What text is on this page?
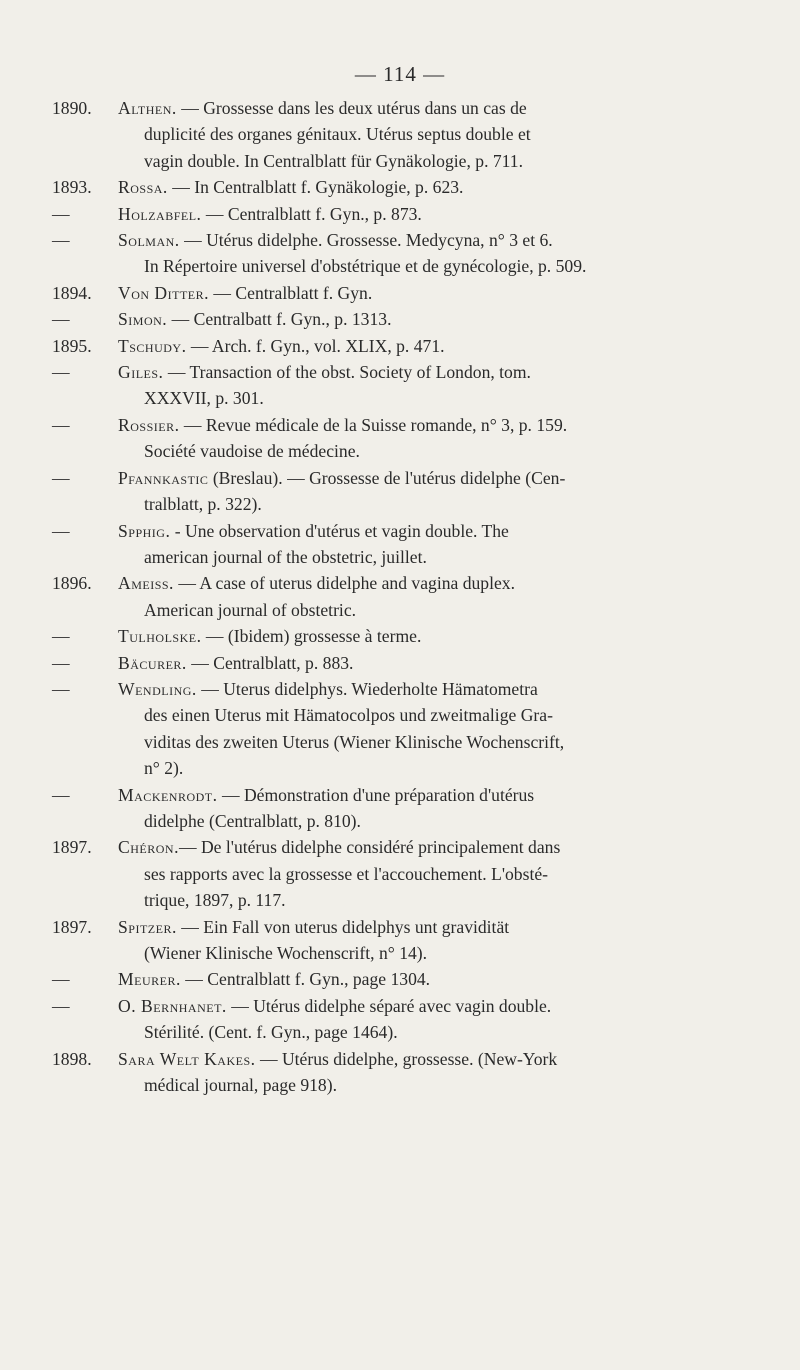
— 114 —
1890.	Althen. — Grossesse dans les deux utérus dans un cas de
duplicité des organes génitaux. Utérus septus double et
vagin double. In Centralblatt für Gynäkologie, p. 711.
1893.	Rossa. — In Centralblatt f. Gynäkologie, p. 623.
—	Holzabfel. — Centralblatt f. Gyn., p. 873.
—	Solman. — Utérus didelphe. Grossesse. Medycyna, n° 3 et 6.
In Répertoire universel d'obstétrique et de gynécologie, p. 509.
1894.	Von Ditter. — Centralblatt f. Gyn.
—	Simon. — Centralbatt f. Gyn., p. 1313.
1895.	Tschudy. — Arch. f. Gyn., vol. XLIX, p. 471.
—	Giles. — Transaction of the obst. Society of London, tom.
XXXVII, p. 301.
—	Rossier. — Revue médicale de la Suisse romande, n° 3, p. 159.
Société vaudoise de médecine.
—	Pfannkastic (Breslau). — Grossesse de l'utérus didelphe (Cen-
tralblatt, p. 322).
—	Spphig. - Une observation d'utérus et vagin double. The
american journal of the obstetric, juillet.
1896.	Ameiss. — A case of uterus didelphe and vagina duplex.
American journal of obstetric.
—	Tulholske. — (Ibidem) grossesse à terme.
—	Bäcurer. — Centralblatt, p. 883.
—	Wendling. — Uterus didelphys. Wiederholte Hämatometra
des einen Uterus mit Hämatocolpos und zweitmalige Gra-
viditas des zweiten Uterus (Wiener Klinische Wochenscrift,
n° 2).
—	Mackenrodt. — Démonstration d'une préparation d'utérus
didelphe (Centralblatt, p. 810).
1897.	Chéron.— De l'utérus didelphe considéré principalement dans
ses rapports avec la grossesse et l'accouchement. L'obsté-
trique, 1897, p. 117.
1897.	Spitzer. — Ein Fall von uterus didelphys unt gravidität
(Wiener Klinische Wochenscrift, n° 14).
—	Meurer. — Centralblatt f. Gyn., page 1304.
—	O. Bernhanet. — Utérus didelphe séparé avec vagin double.
Stérilité. (Cent. f. Gyn., page 1464).
1898.	Sara Welt Kakes. — Utérus didelphe, grossesse. (New-York
médical journal, page 918).
